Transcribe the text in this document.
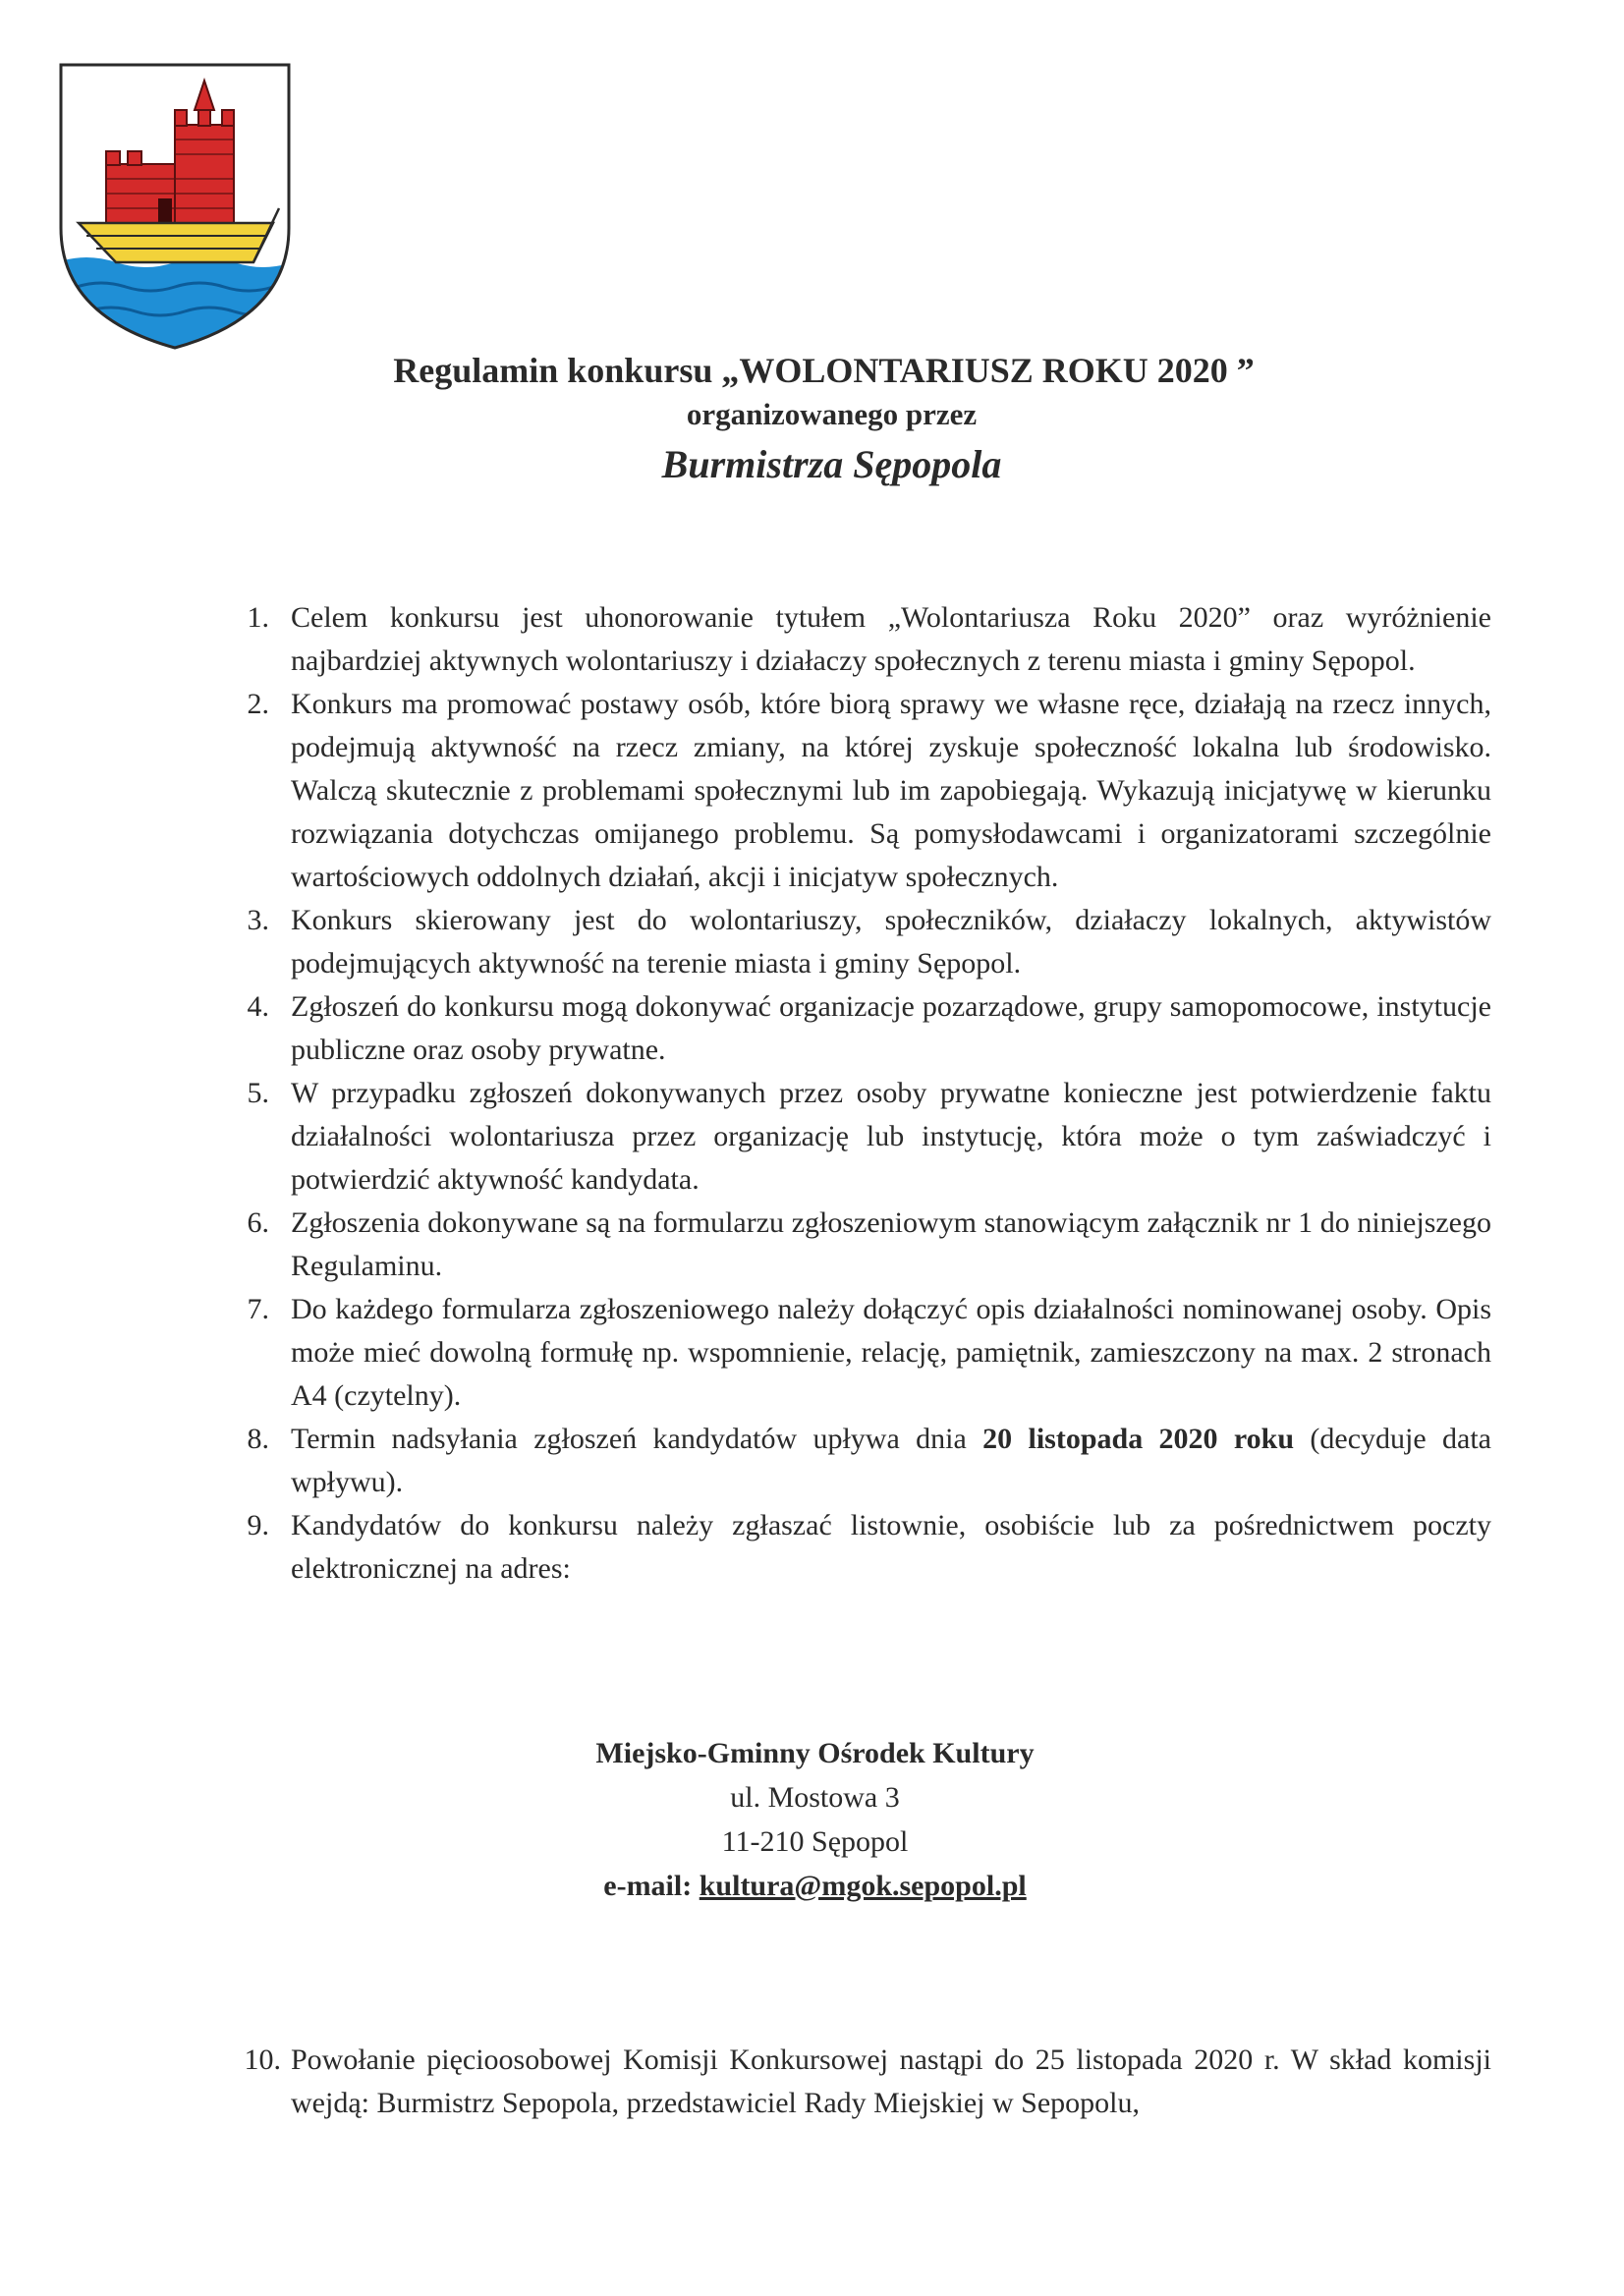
Regulamin konkursu „WOLONTARIUSZ ROKU 2020 ”
organizowanego przez
Burmistrza Sępopola
1. Celem konkursu jest uhonorowanie tytułem „Wolontariusza Roku 2020” oraz wyróżnienie najbardziej aktywnych wolontariuszy i działaczy społecznych z terenu miasta i gminy Sępopol.
2. Konkurs ma promować postawy osób, które biorą sprawy we własne ręce, działają na rzecz innych, podejmują aktywność na rzecz zmiany, na której zyskuje społeczność lokalna lub środowisko. Walczą skutecznie z problemami społecznymi lub im zapobiegają. Wykazują inicjatywę w kierunku rozwiązania dotychczas omijanego problemu. Są pomysłodawcami i organizatorami szczególnie wartościowych oddolnych działań, akcji i inicjatyw społecznych.
3. Konkurs skierowany jest do wolontariuszy, społeczników, działaczy lokalnych, aktywistów podejmujących aktywność na terenie miasta i gminy Sępopol.
4. Zgłoszeń do konkursu mogą dokonywać organizacje pozarządowe, grupy samopomocowe, instytucje publiczne oraz osoby prywatne.
5. W przypadku zgłoszeń dokonywanych przez osoby prywatne konieczne jest potwierdzenie faktu działalności wolontariusza przez organizację lub instytucję, która może o tym zaświadczyć i potwierdzić aktywność kandydata.
6. Zgłoszenia dokonywane są na formularzu zgłoszeniowym stanowiącym załącznik nr 1 do niniejszego Regulaminu.
7. Do każdego formularza zgłoszeniowego należy dołączyć opis działalności nominowanej osoby. Opis może mieć dowolną formułę np. wspomnienie, relację, pamiętnik, zamieszczony na max. 2 stronach A4 (czytelny).
8. Termin nadsyłania zgłoszeń kandydatów upływa dnia 20 listopada 2020 roku (decyduje data wpływu).
9. Kandydatów do konkursu należy zgłaszać listownie, osobiście lub za pośrednictwem poczty elektronicznej na adres:
Miejsko-Gminny Ośrodek Kultury
ul. Mostowa 3
11-210 Sępopol
e-mail: kultura@mgok.sepopol.pl
10. Powołanie pięcioosobowej Komisji Konkursowej nastąpi do 25 listopada 2020 r. W skład komisji wejdą: Burmistrz Sepopola, przedstawiciel Rady Miejskiej w Sepopolu,
